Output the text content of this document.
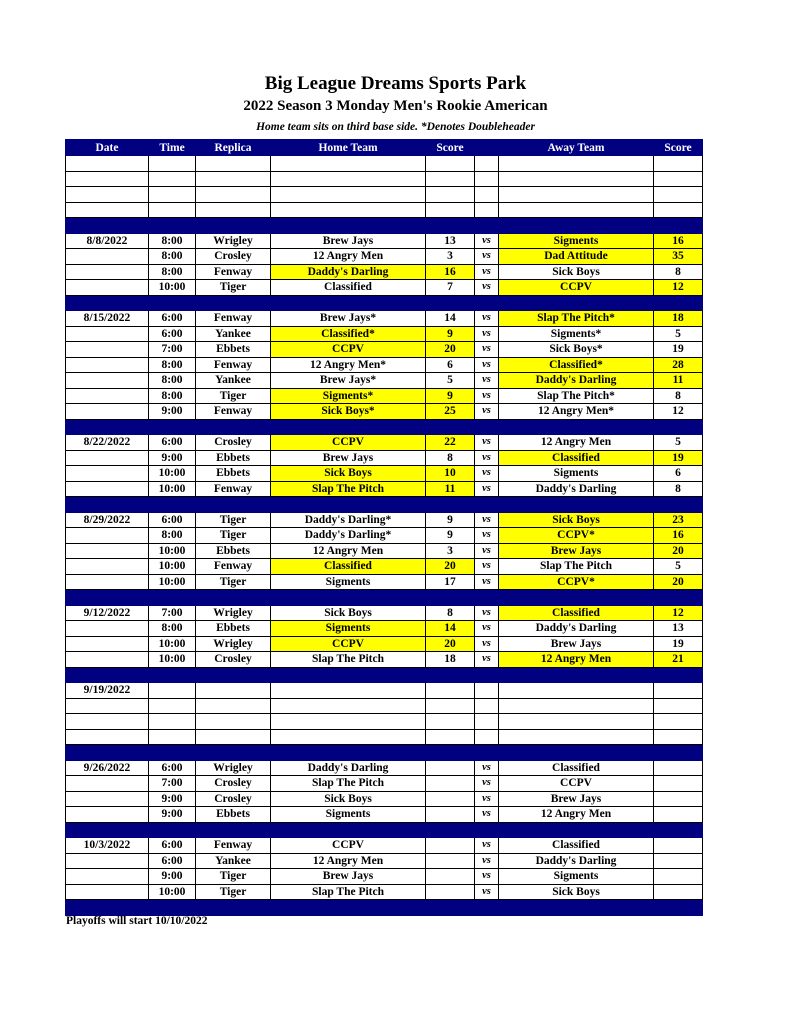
Big League Dreams Sports Park
2022 Season 3 Monday Men's Rookie American
Home team sits on third base side. *Denotes Doubleheader
Date	Time	Replica	Home Team	Score		Away Team	Score

8/8/2022	8:00	Wrigley	Brew Jays	13	vs	Sigments	16
	8:00	Crosley	12 Angry Men	3	vs	Dad Attitude	35
	8:00	Fenway	Daddy's Darling	16	vs	Sick Boys	8
	10:00	Tiger	Classified	7	vs	CCPV	12

8/15/2022	6:00	Fenway	Brew Jays*	14	vs	Slap The Pitch*	18
	6:00	Yankee	Classified*	9	vs	Sigments*	5
	7:00	Ebbets	CCPV	20	vs	Sick Boys*	19
	8:00	Fenway	12 Angry Men*	6	vs	Classified*	28
	8:00	Yankee	Brew Jays*	5	vs	Daddy's Darling	11
	8:00	Tiger	Sigments*	9	vs	Slap The Pitch*	8
	9:00	Fenway	Sick Boys*	25	vs	12 Angry Men*	12

8/22/2022	6:00	Crosley	CCPV	22	vs	12 Angry Men	5
	9:00	Ebbets	Brew Jays	8	vs	Classified	19
	10:00	Ebbets	Sick Boys	10	vs	Sigments	6
	10:00	Fenway	Slap The Pitch	11	vs	Daddy's Darling	8

8/29/2022	6:00	Tiger	Daddy's Darling*	9	vs	Sick Boys	23
	8:00	Tiger	Daddy's Darling*	9	vs	CCPV*	16
	10:00	Ebbets	12 Angry Men	3	vs	Brew Jays	20
	10:00	Fenway	Classified	20	vs	Slap The Pitch	5
	10:00	Tiger	Sigments	17	vs	CCPV*	20

9/12/2022	7:00	Wrigley	Sick Boys	8	vs	Classified	12
	8:00	Ebbets	Sigments	14	vs	Daddy's Darling	13
	10:00	Wrigley	CCPV	20	vs	Brew Jays	19
	10:00	Crosley	Slap The Pitch	18	vs	12 Angry Men	21

9/19/2022							

9/26/2022	6:00	Wrigley	Daddy's Darling		vs	Classified	
	7:00	Crosley	Slap The Pitch		vs	CCPV	
	9:00	Crosley	Sick Boys		vs	Brew Jays	
	9:00	Ebbets	Sigments		vs	12 Angry Men	

10/3/2022	6:00	Fenway	CCPV		vs	Classified	
	6:00	Yankee	12 Angry Men		vs	Daddy's Darling	
	9:00	Tiger	Brew Jays		vs	Sigments	
	10:00	Tiger	Slap The Pitch		vs	Sick Boys	

Playoffs will start 10/10/2022
